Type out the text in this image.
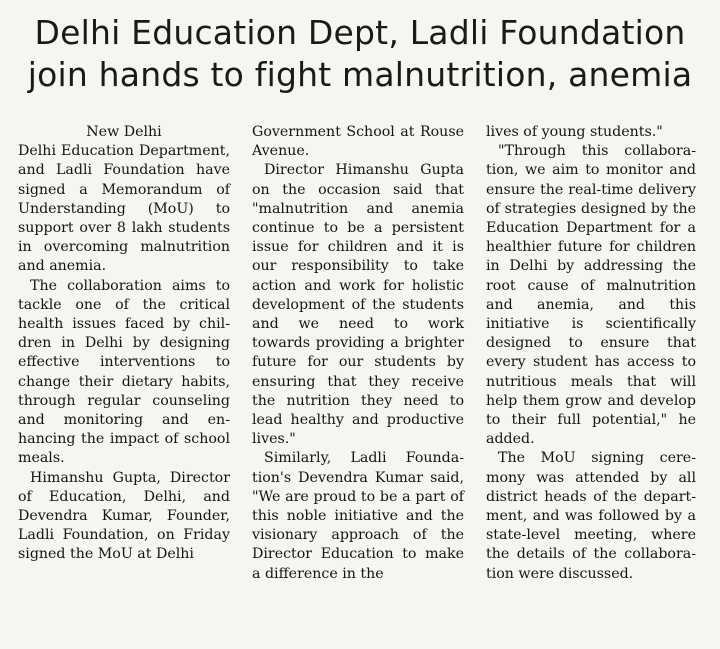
Delhi Education Dept, Ladli Foundation
join hands to fight malnutrition, anemia

New Delhi

Delhi Education Department, and Ladli Foundation have signed a Memorandum of Understanding (MoU) to support over 8 lakh students in overcoming malnutrition and anemia.

The collaboration aims to tackle one of the critical health issues faced by children in Delhi by designing effective interventions to change their dietary habits, through regular counseling and monitoring and enhancing the impact of school meals.

Himanshu Gupta, Director of Education, Delhi, and Devendra Kumar, Founder, Ladli Foundation, on Friday signed the MoU at Delhi

Government School at Rouse Avenue.

Director Himanshu Gupta on the occasion said that "malnutrition and anemia continue to be a persistent issue for children and it is our responsibility to take action and work for holistic development of the students and we need to work towards providing a brighter future for our students by ensuring that they receive the nutrition they need to lead healthy and productive lives."

Similarly, Ladli Foundation's Devendra Kumar said, "We are proud to be a part of this noble initiative and the visionary approach of the Director Education to make a difference in the

lives of young students."

"Through this collaboration, we aim to monitor and ensure the real-time delivery of strategies designed by the Education Department for a healthier future for children in Delhi by addressing the root cause of malnutrition and anemia, and this initiative is scientifically designed to ensure that every student has access to nutritious meals that will help them grow and develop to their full potential," he added.

The MoU signing ceremony was attended by all district heads of the department, and was followed by a state-level meeting, where the details of the collaboration were discussed.
